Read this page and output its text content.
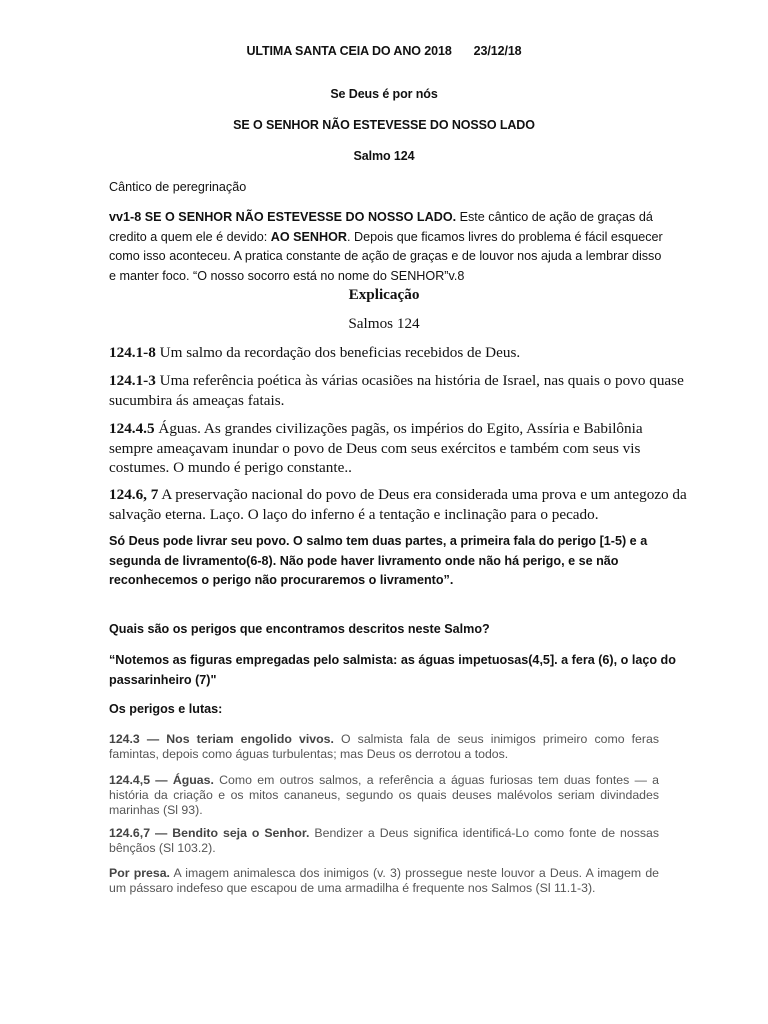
ULTIMA SANTA CEIA DO ANO 2018 23/12/18
Se Deus é por nós
SE O SENHOR NÃO ESTEVESSE DO NOSSO LADO
Salmo 124
Cântico de peregrinação

vv1-8 SE O SENHOR NÃO ESTEVESSE DO NOSSO LADO. Este cântico de ação de graças dá credito a quem ele é devido: AO SENHOR. Depois que ficamos livres do problema é fácil esquecer como isso aconteceu. A pratica constante de ação de graças e de louvor nos ajuda a lembrar disso e manter foco. “O nosso socorro está no nome do SENHOR”v.8

Explicação
Salmos 124

124.1-8 Um salmo da recordação dos beneficias recebidos de Deus.

124.1-3 Uma referência poética às várias ocasiões na história de Israel, nas quais o povo quase sucumbira ás ameaças fatais.

124.4.5 Águas. As grandes civilizações pagãs, os impérios do Egito, Assíria e Babilônia sempre ameaçavam inundar o povo de Deus com seus exércitos e também com seus vis costumes. O mundo é perigo constante..

124.6, 7 A preservação nacional do povo de Deus era considerada uma prova e um antegozo da salvação eterna. Laço. O laço do inferno é a tentação e inclinação para o pecado.

Só Deus pode livrar seu povo. O salmo tem duas partes, a primeira fala do perigo [1-5) e a segunda de livramento(6-8). Não pode haver livramento onde não há perigo, e se não reconhecemos o perigo não procuraremos o livramento”.

Quais são os perigos que encontramos descritos neste Salmo?

“Notemos as figuras empregadas pelo salmista: as águas impetuosas(4,5]. a fera (6), o laço do passarinheiro (7)"

Os perigos e lutas:

124.3 — Nos teriam engolido vivos. O salmista fala de seus inimigos primeiro como feras famintas, depois como águas turbulentas; mas Deus os derrotou a todos.

124.4,5 — Águas. Como em outros salmos, a referência a águas furiosas tem duas fontes — a história da criação e os mitos cananeus, segundo os quais deuses malévolos seriam divindades marinhas (Sl 93).

124.6,7 — Bendito seja o Senhor. Bendizer a Deus significa identificá-Lo como fonte de nossas bênçãos (Sl 103.2).

Por presa. A imagem animalesca dos inimigos (v. 3) prossegue neste louvor a Deus. A imagem de um pássaro indefeso que escapou de uma armadilha é frequente nos Salmos (Sl 11.1-3).
